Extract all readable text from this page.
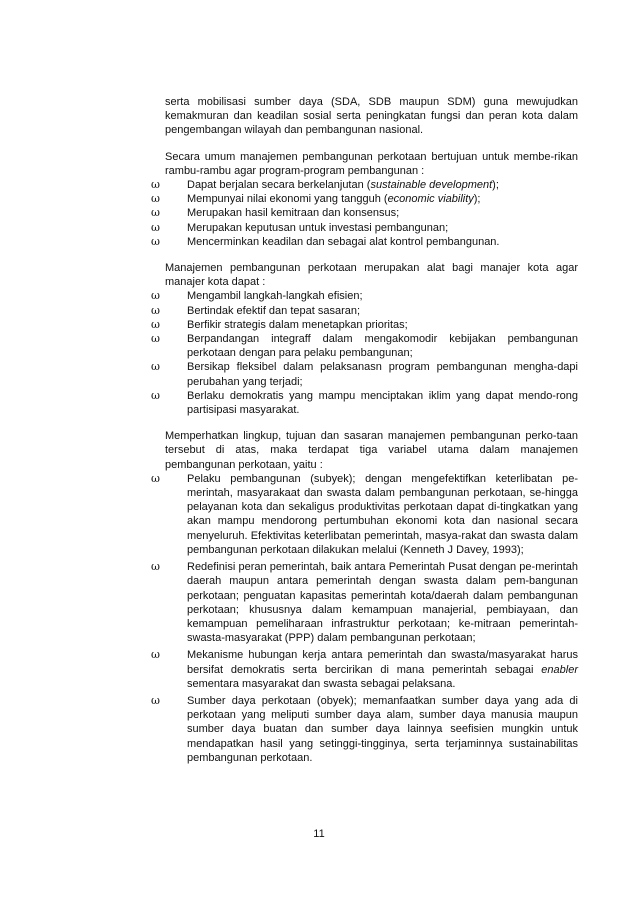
serta mobilisasi sumber daya (SDA, SDB maupun SDM) guna mewujudkan kemakmuran dan keadilan sosial serta peningkatan fungsi dan peran kota dalam pengembangan wilayah dan pembangunan nasional.

Secara umum manajemen pembangunan perkotaan bertujuan untuk membe-rikan rambu-rambu agar program-program pembangunan :

ω Dapat berjalan secara berkelanjutan (sustainable development);
ω Mempunyai nilai ekonomi yang tangguh (economic viability);
ω Merupakan hasil kemitraan dan konsensus;
ω Merupakan keputusan untuk investasi pembangunan;
ω Mencerminkan keadilan dan sebagai alat kontrol pembangunan.

Manajemen pembangunan perkotaan merupakan alat bagi manajer kota agar manajer kota dapat :

ω Mengambil langkah-langkah efisien;
ω Bertindak efektif dan tepat sasaran;
ω Berfikir strategis dalam menetapkan prioritas;
ω Berpandangan integraff dalam mengakomodir kebijakan pembangunan perkotaan dengan para pelaku pembangunan;
ω Bersikap fleksibel dalam pelaksanasn program pembangunan mengha-dapi perubahan yang terjadi;
ω Berlaku demokratis yang mampu menciptakan iklim yang dapat mendo-rong partisipasi masyarakat.

Memperhatkan lingkup, tujuan dan sasaran manajemen pembangunan perko-taan tersebut di atas, maka terdapat tiga variabel utama dalam manajemen pembangunan perkotaan, yaitu :

ω Pelaku pembangunan (subyek); dengan mengefektifkan keterlibatan pe-merintah, masyarakaat dan swasta dalam pembangunan perkotaan, se-hingga pelayanan kota dan sekaligus produktivitas perkotaan dapat di-tingkatkan yang akan mampu mendorong pertumbuhan ekonomi kota dan nasional secara menyeluruh. Efektivitas keterlibatan pemerintah, masya-rakat dan swasta dalam pembangunan perkotaan dilakukan melalui (Kenneth J Davey, 1993);
ω Redefinisi peran pemerintah, baik antara Pemerintah Pusat dengan pe-merintah daerah maupun antara pemerintah dengan swasta dalam pem-bangunan perkotaan; penguatan kapasitas pemerintah kota/daerah dalam pembangunan perkotaan; khususnya dalam kemampuan manajerial, pembiayaan, dan kemampuan pemeliharaan infrastruktur perkotaan; ke-mitraan pemerintah-swasta-masyarakat (PPP) dalam pembangunan perkotaan;
ω Mekanisme hubungan kerja antara pemerintah dan swasta/masyarakat harus bersifat demokratis serta bercirikan di mana pemerintah sebagai enabler sementara masyarakat dan swasta sebagai pelaksana.
ω Sumber daya perkotaan (obyek); memanfaatkan sumber daya yang ada di perkotaan yang meliputi sumber daya alam, sumber daya manusia maupun sumber daya buatan dan sumber daya lainnya seefisien mungkin untuk mendapatkan hasil yang setinggi-tingginya, serta terjaminnya sustainabilitas pembangunan perkotaan.
11
